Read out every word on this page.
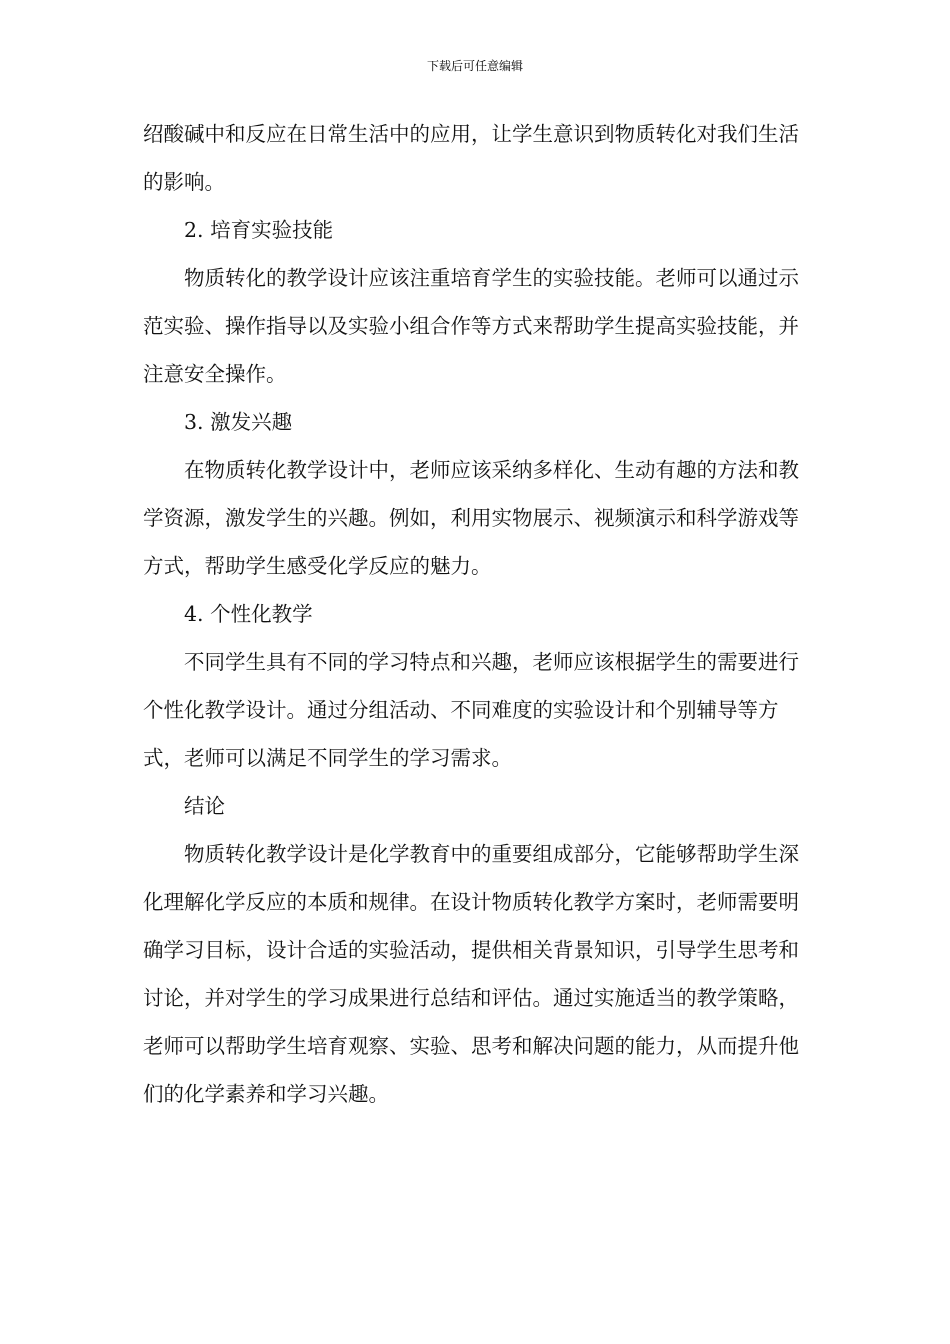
下载后可任意编辑

绍酸碱中和反应在日常生活中的应用，让学生意识到物质转化对我们生活的影响。

2. 培育实验技能

物质转化的教学设计应该注重培育学生的实验技能。老师可以通过示范实验、操作指导以及实验小组合作等方式来帮助学生提高实验技能，并注意安全操作。

3. 激发兴趣

在物质转化教学设计中，老师应该采纳多样化、生动有趣的方法和教学资源，激发学生的兴趣。例如，利用实物展示、视频演示和科学游戏等方式，帮助学生感受化学反应的魅力。

4. 个性化教学

不同学生具有不同的学习特点和兴趣，老师应该根据学生的需要进行个性化教学设计。通过分组活动、不同难度的实验设计和个别辅导等方式，老师可以满足不同学生的学习需求。

结论

物质转化教学设计是化学教育中的重要组成部分，它能够帮助学生深化理解化学反应的本质和规律。在设计物质转化教学方案时，老师需要明确学习目标，设计合适的实验活动，提供相关背景知识，引导学生思考和讨论，并对学生的学习成果进行总结和评估。通过实施适当的教学策略，老师可以帮助学生培育观察、实验、思考和解决问题的能力，从而提升他们的化学素养和学习兴趣。
